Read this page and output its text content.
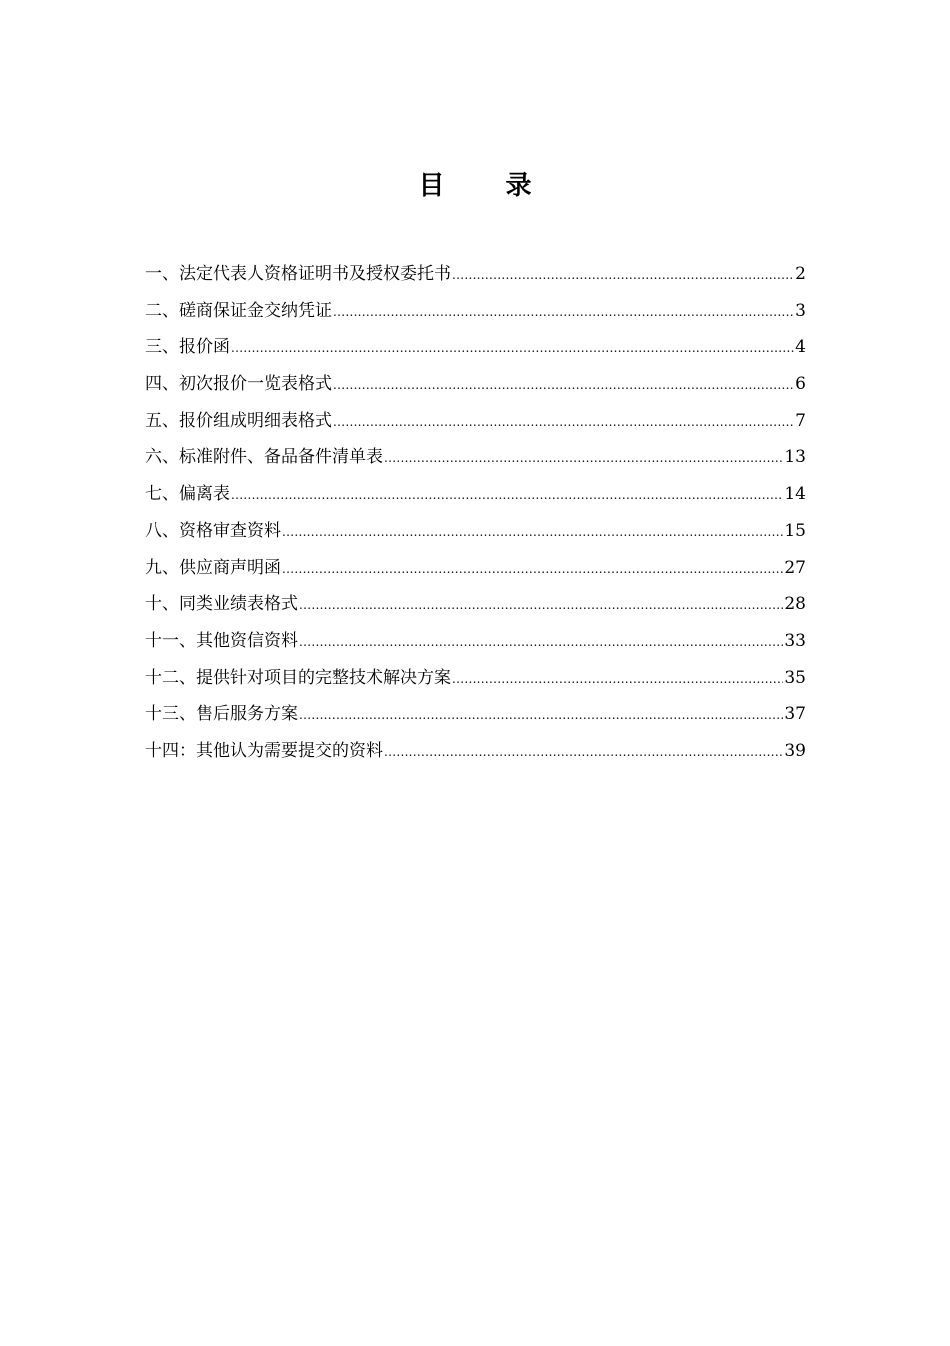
目 录
一、法定代表人资格证明书及授权委托书 .....	2
二、磋商保证金交纳凭证 .....	3
三、报价函 .....	4
四、初次报价一览表格式 .....	6
五、报价组成明细表格式 .....	7
六、标准附件、备品备件清单表 .....	13
七、偏离表 .....	14
八、资格审查资料 .....	15
九、供应商声明函 .....	27
十、同类业绩表格式 .....	28
十一、其他资信资料 .....	33
十二、提供针对项目的完整技术解决方案 .....	35
十三、售后服务方案 .....	37
十四：其他认为需要提交的资料 .....	39
